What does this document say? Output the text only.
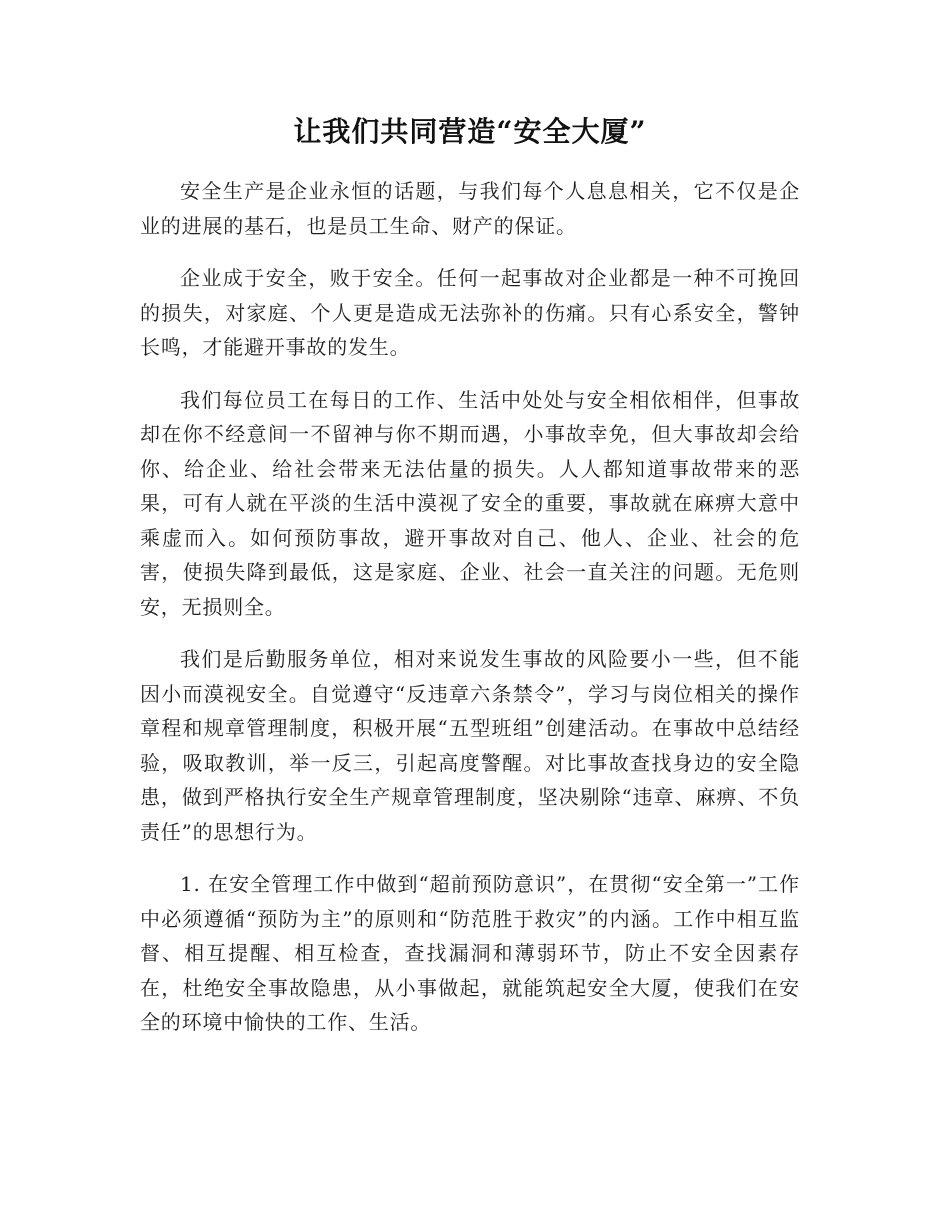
让我们共同营造“安全大厦”

安全生产是企业永恒的话题，与我们每个人息息相关，它不仅是企业的进展的基石，也是员工生命、财产的保证。

企业成于安全，败于安全。任何一起事故对企业都是一种不可挽回的损失，对家庭、个人更是造成无法弥补的伤痛。只有心系安全，警钟长鸣，才能避开事故的发生。

我们每位员工在每日的工作、生活中处处与安全相依相伴，但事故却在你不经意间一不留神与你不期而遇，小事故幸免，但大事故却会给你、给企业、给社会带来无法估量的损失。人人都知道事故带来的恶果，可有人就在平淡的生活中漠视了安全的重要，事故就在麻痹大意中乘虚而入。如何预防事故，避开事故对自己、他人、企业、社会的危害，使损失降到最低，这是家庭、企业、社会一直关注的问题。无危则安，无损则全。

我们是后勤服务单位，相对来说发生事故的风险要小一些，但不能因小而漠视安全。自觉遵守“反违章六条禁令”，学习与岗位相关的操作章程和规章管理制度，积极开展“五型班组”创建活动。在事故中总结经验，吸取教训，举一反三，引起高度警醒。对比事故查找身边的安全隐患，做到严格执行安全生产规章管理制度，坚决剔除“违章、麻痹、不负责任”的思想行为。

1. 在安全管理工作中做到“超前预防意识”，在贯彻“安全第一”工作中必须遵循“预防为主”的原则和“防范胜于救灾”的内涵。工作中相互监督、相互提醒、相互检查，查找漏洞和薄弱环节，防止不安全因素存在，杜绝安全事故隐患，从小事做起，就能筑起安全大厦，使我们在安全的环境中愉快的工作、生活。
